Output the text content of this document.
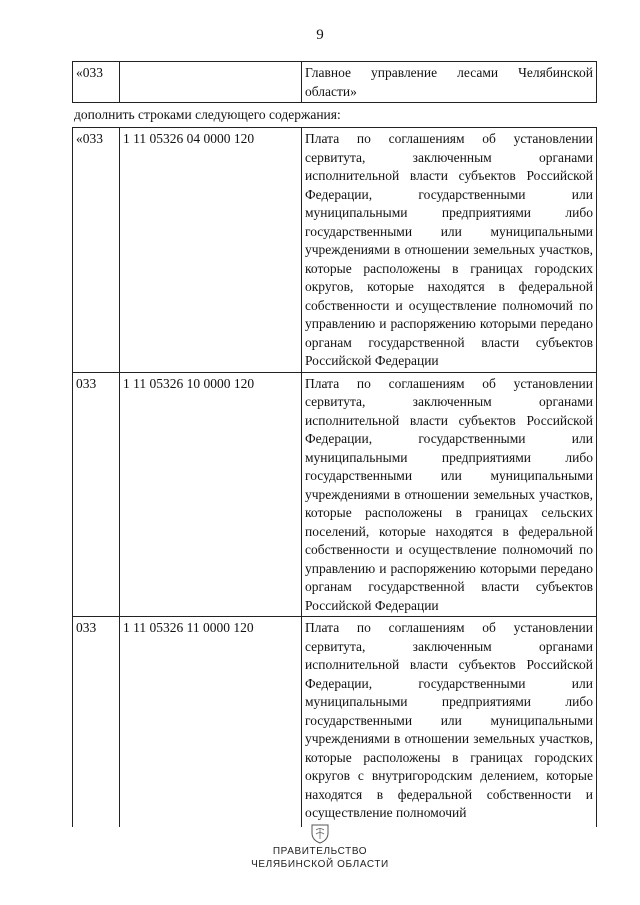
9
«033		Главное управление лесами Челябинской области»
дополнить строками следующего содержания:
«033	1 11 05326 04 0000 120	Плата по соглашениям об установлении сервитута, заключенным органами исполнительной власти субъектов Российской Федерации, государственными или муниципальными предприятиями либо государственными или муниципальными учреждениями в отношении земельных участков, которые расположены в границах городских округов, которые находятся в федеральной собственности и осуществление полномочий по управлению и распоряжению которыми передано органам государственной власти субъектов Российской Федерации
033	1 11 05326 10 0000 120	Плата по соглашениям об установлении сервитута, заключенным органами исполнительной власти субъектов Российской Федерации, государственными или муниципальными предприятиями либо государственными или муниципальными учреждениями в отношении земельных участков, которые расположены в границах сельских поселений, которые находятся в федеральной собственности и осуществление полномочий по управлению и распоряжению которыми передано органам государственной власти субъектов Российской Федерации
033	1 11 05326 11 0000 120	Плата по соглашениям об установлении сервитута, заключенным органами исполнительной власти субъектов Российской Федерации, государственными или муниципальными предприятиями либо государственными или муниципальными учреждениями в отношении земельных участков, которые расположены в границах городских округов с внутригородским делением, которые находятся в федеральной собственности и осуществление полномочий
ПРАВИТЕЛЬСТВО
ЧЕЛЯБИНСКОЙ ОБЛАСТИ
